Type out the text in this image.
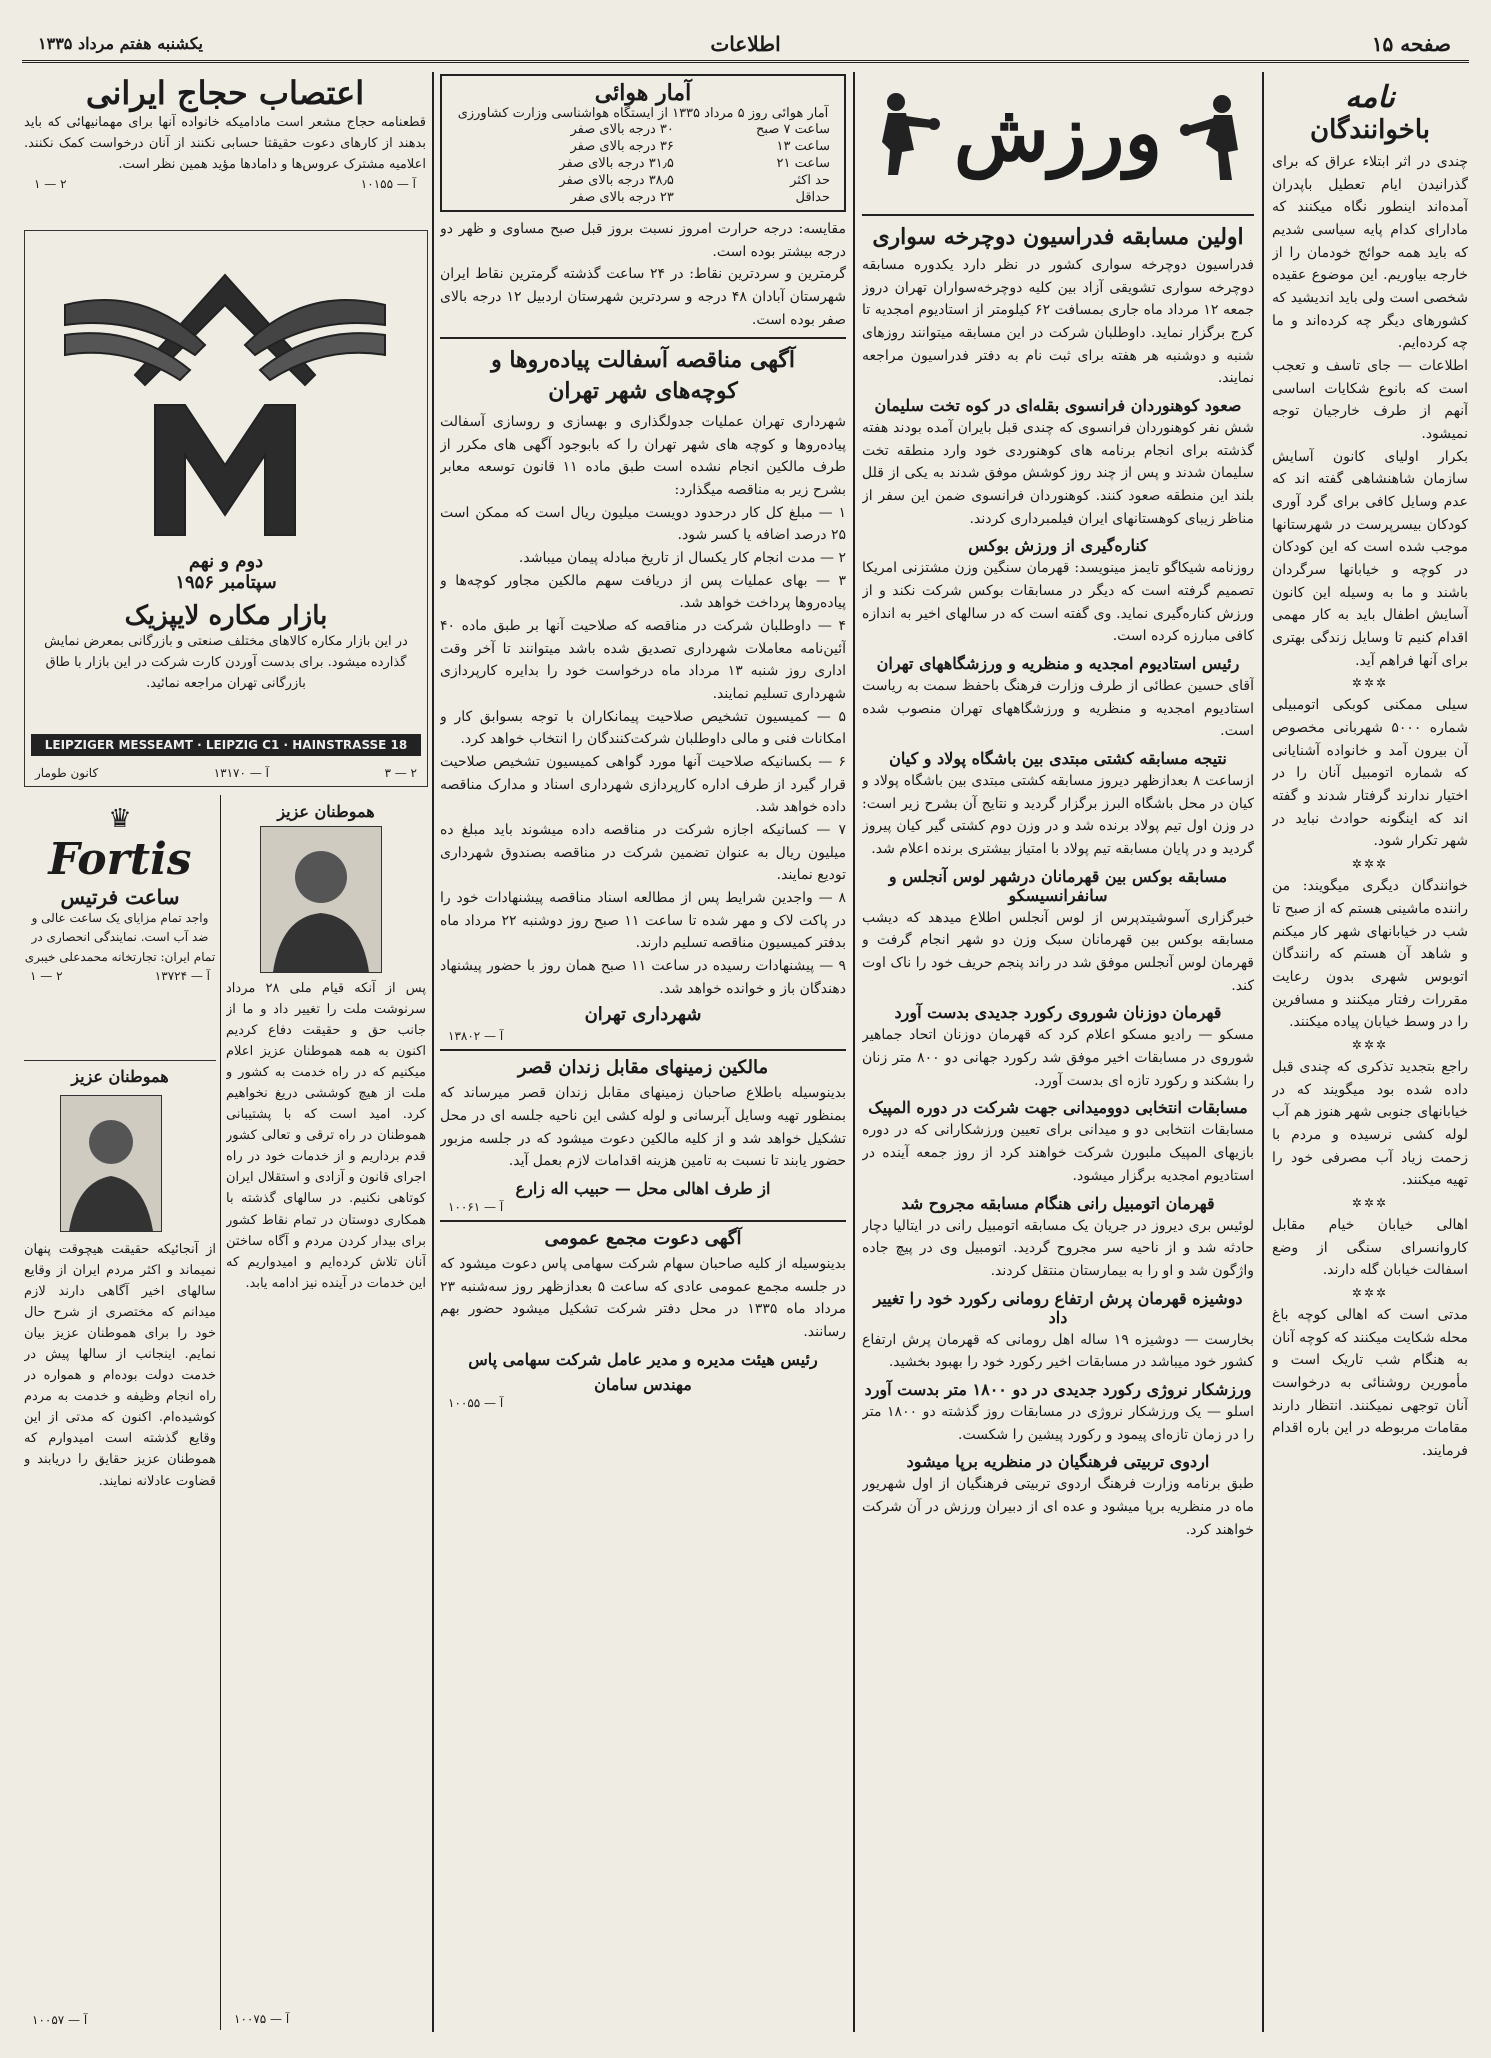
صفحه ۱۵
اطلاعات
یکشنبه هفتم مرداد ۱۳۳۵
نامه
باخوانندگان

چندی در اثر ابتلاء عراق که برای گذرانیدن ایام تعطیل باپدران آمده‌اند اینطور نگاه میکنند که مادارای کدام پایه سیاسی شدیم که باید همه حوائج خودمان را از خارجه بیاوریم. این موضوع عقیده شخصی است ولی باید اندیشید که کشورهای دیگر چه کرده‌اند و ما چه کرده‌ایم.

اطلاعات — جای تاسف و تعجب است که بانوع شکایات اساسی آنهم از طرف خارجیان توجه نمیشود.

بکرار اولیای کانون آسایش سازمان شاهنشاهی گفته اند که عدم وسایل کافی برای گرد آوری کودکان بیسرپرست در شهرستانها موجب شده است که این کودکان در کوچه و خیابانها سرگردان باشند و ما به وسیله این کانون آسایش اطفال باید به کار مهمی اقدام کنیم تا وسایل زندگی بهتری برای آنها فراهم آید.

✲✲✲

سیلی ممکنی کوبکی اتومبیلی شماره ۵۰۰۰ شهربانی مخصوص آن بیرون آمد و خانواده آشنایانی که شماره اتومبیل آنان را در اختیار ندارند گرفتار شدند و گفته اند که اینگونه حوادث نباید در شهر تکرار شود.

✲✲✲

خوانندگان دیگری میگویند: من راننده ماشینی هستم که از صبح تا شب در خیابانهای شهر کار میکنم و شاهد آن هستم که رانندگان اتوبوس شهری بدون رعایت مقررات رفتار میکنند و مسافرین را در وسط خیابان پیاده میکنند.

✲✲✲

راجع بتجدید تذکری که چندی قبل داده شده بود میگویند که در خیابانهای جنوبی شهر هنوز هم آب لوله کشی نرسیده و مردم با زحمت زیاد آب مصرفی خود را تهیه میکنند.

✲✲✲

اهالی خیابان خیام مقابل کاروانسرای سنگی از وضع اسفالت خیابان گله دارند.

✲✲✲

مدتی است که اهالی کوچه باغ محله شکایت میکنند که کوچه آنان به هنگام شب تاریک است و مأمورین روشنائی به درخواست آنان توجهی نمیکنند. انتظار دارند مقامات مربوطه در این باره اقدام فرمایند.

ورزش
اولین مسابقه فدراسیون دوچرخه سواری

فدراسیون دوچرخه سواری کشور در نظر دارد یکدوره مسابقه دوچرخه سواری تشویقی آزاد بین کلیه دوچرخه‌سواران تهران دروز جمعه ۱۲ مرداد ماه جاری بمسافت ۶۲ کیلومتر از استادیوم امجدیه تا کرج برگزار نماید. داوطلبان شرکت در این مسابقه میتوانند روزهای شنبه و دوشنبه هر هفته برای ثبت نام به دفتر فدراسیون مراجعه نمایند.

صعود کوهنوردان فرانسوی بقله‌ای در کوه تخت سلیمان

شش نفر کوهنوردان فرانسوی که چندی قبل بایران آمده بودند هفته گذشته برای انجام برنامه های کوهنوردی خود وارد منطقه تخت سلیمان شدند و پس از چند روز کوشش موفق شدند به یکی از قلل بلند این منطقه صعود کنند. کوهنوردان فرانسوی ضمن این سفر از مناظر زیبای کوهستانهای ایران فیلمبرداری کردند.

کناره‌گیری از ورزش بوکس

روزنامه شیکاگو تایمز مینویسد: قهرمان سنگین وزن مشتزنی امریکا تصمیم گرفته است که دیگر در مسابقات بوکس شرکت نکند و از ورزش کناره‌گیری نماید. وی گفته است که در سالهای اخیر به اندازه کافی مبارزه کرده است.

رئیس استادیوم امجدیه و منظریه و ورزشگاههای تهران

آقای حسین عطائی از طرف وزارت فرهنگ باحفظ سمت به ریاست استادیوم امجدیه و منظریه و ورزشگاههای تهران منصوب شده است.

نتیجه مسابقه کشتی مبتدی بین باشگاه پولاد و کیان

ازساعت ۸ بعدازظهر دیروز مسابقه کشتی مبتدی بین باشگاه پولاد و کیان در محل باشگاه البرز برگزار گردید و نتایج آن بشرح زیر است: در وزن اول تیم پولاد برنده شد و در وزن دوم کشتی گیر کیان پیروز گردید و در پایان مسابقه تیم پولاد با امتیاز بیشتری برنده اعلام شد.

مسابقه بوکس بین قهرمانان درشهر لوس آنجلس و سانفرانسیسکو

خبرگزاری آسوشیتدپرس از لوس آنجلس اطلاع میدهد که دیشب مسابقه بوکس بین قهرمانان سبک وزن دو شهر انجام گرفت و قهرمان لوس آنجلس موفق شد در راند پنجم حریف خود را ناک اوت کند.

قهرمان دوزنان شوروی رکورد جدیدی بدست آورد

مسکو — رادیو مسکو اعلام کرد که قهرمان دوزنان اتحاد جماهیر شوروی در مسابقات اخیر موفق شد رکورد جهانی دو ۸۰۰ متر زنان را بشکند و رکورد تازه ای بدست آورد.

مسابقات انتخابی دوومیدانی جهت شرکت در دوره المپیک

مسابقات انتخابی دو و میدانی برای تعیین ورزشکارانی که در دوره بازیهای المپیک ملبورن شرکت خواهند کرد از روز جمعه آینده در استادیوم امجدیه برگزار میشود.

قهرمان اتومبیل رانی هنگام مسابقه مجروح شد

لوئیس بری دیروز در جریان یک مسابقه اتومبیل رانی در ایتالیا دچار حادثه شد و از ناحیه سر مجروح گردید. اتومبیل وی در پیچ جاده واژگون شد و او را به بیمارستان منتقل کردند.

دوشیزه قهرمان پرش ارتفاع رومانی رکورد خود را تغییر داد

بخارست — دوشیزه ۱۹ ساله اهل رومانی که قهرمان پرش ارتفاع کشور خود میباشد در مسابقات اخیر رکورد خود را بهبود بخشید.

ورزشکار نروژی رکورد جدیدی در دو ۱۸۰۰ متر بدست آورد

اسلو — یک ورزشکار نروژی در مسابقات روز گذشته دو ۱۸۰۰ متر را در زمان تازه‌ای پیمود و رکورد پیشین را شکست.

اردوی تربیتی فرهنگیان در منظریه برپا میشود

طبق برنامه وزارت فرهنگ اردوی تربیتی فرهنگیان از اول شهریور ماه در منظریه برپا میشود و عده ای از دبیران ورزش در آن شرکت خواهند کرد.

آمار هوائی
آمار هوائی روز ۵ مرداد ۱۳۳۵ از ایستگاه هواشناسی وزارت کشاورزی
ساعت ۷ صبح	۳۰ درجه بالای صفر
ساعت ۱۳	۳۶ درجه بالای صفر
ساعت ۲۱	۳۱٫۵ درجه بالای صفر
حد اکثر	۳۸٫۵ درجه بالای صفر
حداقل	۲۳ درجه بالای صفر

مقایسه: درجه حرارت امروز نسبت بروز قبل صبح مساوی و ظهر دو درجه بیشتر بوده است.

گرمترین و سردترین نقاط: در ۲۴ ساعت گذشته گرمترین نقاط ایران شهرستان آبادان ۴۸ درجه و سردترین شهرستان اردبیل ۱۲ درجه بالای صفر بوده است.

آگهی مناقصه آسفالت پیاده‌روها و کوچه‌های شهر تهران

شهرداری تهران عملیات جدولگذاری و بهسازی و روسازی آسفالت پیاده‌روها و کوچه های شهر تهران را که بابوجود آگهی های مکرر از طرف مالکین انجام نشده است طبق ماده ۱۱ قانون توسعه معابر بشرح زیر به مناقصه میگذارد:

۱ — مبلغ کل کار درحدود دویست میلیون ریال است که ممکن است ۲۵ درصد اضافه یا کسر شود.

۲ — مدت انجام کار یکسال از تاریخ مبادله پیمان میباشد.

۳ — بهای عملیات پس از دریافت سهم مالکین مجاور کوچه‌ها و پیاده‌روها پرداخت خواهد شد.

۴ — داوطلبان شرکت در مناقصه که صلاحیت آنها بر طبق ماده ۴۰ آئین‌نامه معاملات شهرداری تصدیق شده باشد میتوانند تا آخر وقت اداری روز شنبه ۱۳ مرداد ماه درخواست خود را بدایره کارپردازی شهرداری تسلیم نمایند.

۵ — کمیسیون تشخیص صلاحیت پیمانکاران با توجه بسوابق کار و امکانات فنی و مالی داوطلبان شرکت‌کنندگان را انتخاب خواهد کرد.

۶ — بکسانیکه صلاحیت آنها مورد گواهی کمیسیون تشخیص صلاحیت قرار گیرد از طرف اداره کارپردازی شهرداری اسناد و مدارک مناقصه داده خواهد شد.

۷ — کسانیکه اجازه شرکت در مناقصه داده میشوند باید مبلغ ده میلیون ریال به عنوان تضمین شرکت در مناقصه بصندوق شهرداری تودیع نمایند.

۸ — واجدین شرایط پس از مطالعه اسناد مناقصه پیشنهادات خود را در پاکت لاک و مهر شده تا ساعت ۱۱ صبح روز دوشنبه ۲۲ مرداد ماه بدفتر کمیسیون مناقصه تسلیم دارند.

۹ — پیشنهادات رسیده در ساعت ۱۱ صبح همان روز با حضور پیشنهاد دهندگان باز و خوانده خواهد شد.

شهرداری تهران
آ — ۱۳۸۰۲
مالکین زمینهای مقابل زندان قصر

بدینوسیله باطلاع صاحبان زمینهای مقابل زندان قصر میرساند که بمنظور تهیه وسایل آبرسانی و لوله کشی این ناحیه جلسه ای در محل تشکیل خواهد شد و از کلیه مالکین دعوت میشود که در جلسه مزبور حضور یابند تا نسبت به تامین هزینه اقدامات لازم بعمل آید.

از طرف اهالی محل — حبیب اله زارع
آ — ۱۰۰۶۱
آگهی دعوت مجمع عمومی

بدینوسیله از کلیه صاحبان سهام شرکت سهامی پاس دعوت میشود که در جلسه مجمع عمومی عادی که ساعت ۵ بعدازظهر روز سه‌شنبه ۲۳ مرداد ماه ۱۳۳۵ در محل دفتر شرکت تشکیل میشود حضور بهم رسانند.

رئیس هیئت مدیره و مدیر عامل شرکت سهامی پاس
مهندس سامان
آ — ۱۰۰۵۵
اعتصاب حجاج ایرانی

قطعنامه حجاج مشعر است مادامیکه خانواده آنها برای مهمانیهائی که باید بدهند از کارهای دعوت حقیقتا حسابی نکنند از آنان درخواست کمک نکنند. اعلامیه مشترک عروس‌ها و دامادها مؤید همین نظر است.

۱ — ۲	آ — ۱۰۱۵۵
دوم و نهم
سپتامبر ۱۹۵۶
بازار مکاره لایپزیک

در این بازار مکاره کالاهای مختلف صنعتی و بازرگانی بمعرض نمایش گذارده میشود. برای بدست آوردن کارت شرکت در این بازار با طاق بازرگانی تهران مراجعه نمائید.

LEIPZIGER MESSEAMT · LEIPZIG C1 · HAINSTRASSE 18
کانون طومار	آ — ۱۳۱۷۰	۳ — ۲
هموطنان عزیز

پس از آنکه قیام ملی ۲۸ مرداد سرنوشت ملت را تغییر داد و ما از جانب حق و حقیقت دفاع کردیم اکنون به همه هموطنان عزیز اعلام میکنیم که در راه خدمت به کشور و ملت از هیچ کوششی دریغ نخواهیم کرد. امید است که با پشتیبانی هموطنان در راه ترقی و تعالی کشور قدم برداریم و از خدمات خود در راه اجرای قانون و آزادی و استقلال ایران کوتاهی نکنیم. در سالهای گذشته با همکاری دوستان در تمام نقاط کشور برای بیدار کردن مردم و آگاه ساختن آنان تلاش کرده‌ایم و امیدواریم که این خدمات در آینده نیز ادامه یابد.

آ — ۱۰۰۷۵
♛
Fortis
ساعت فرتیس

واجد تمام مزایای یک ساعت عالی و ضد آب است. نمایندگی انحصاری در تمام ایران: تجارتخانه محمدعلی خیبری

۱ — ۲	آ — ۱۳۷۲۴
هموطنان عزیز

از آنجائیکه حقیقت هیچوقت پنهان نمیماند و اکثر مردم ایران از وقایع سالهای اخیر آگاهی دارند لازم میدانم که مختصری از شرح حال خود را برای هموطنان عزیز بیان نمایم. اینجانب از سالها پیش در خدمت دولت بوده‌ام و همواره در راه انجام وظیفه و خدمت به مردم کوشیده‌ام. اکنون که مدتی از این وقایع گذشته است امیدوارم که هموطنان عزیز حقایق را دریابند و قضاوت عادلانه نمایند.

آ — ۱۰۰۵۷
